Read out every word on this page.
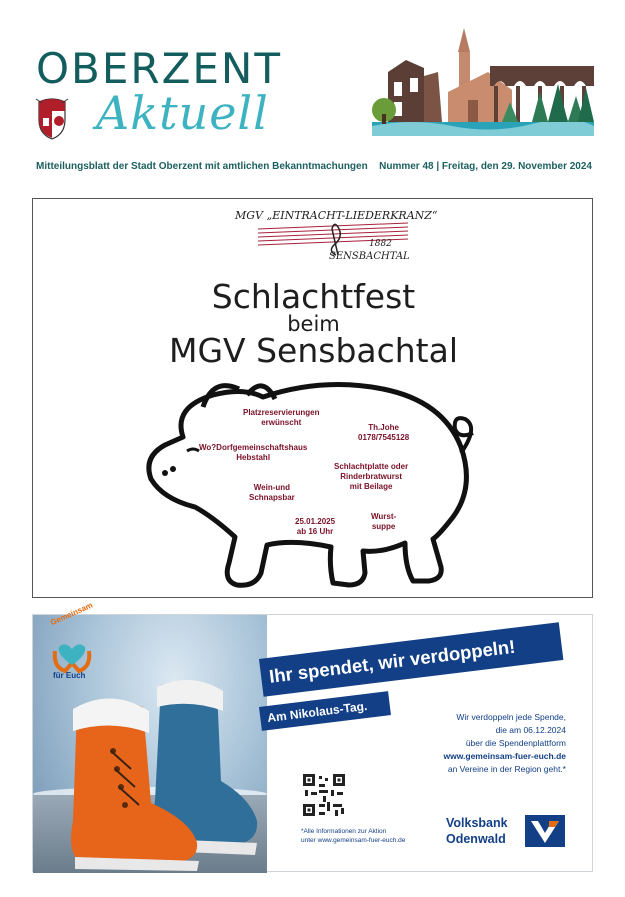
OBERZENT
Aktuell
Mitteilungsblatt der Stadt Oberzent mit amtlichen Bekanntmachungen Nummer 48 | Freitag, den 29. November 2024
MGV „EINTRACHT-LIEDERKRANZ“
1882
SENSBACHTAL
Schlachtfest
beim
MGV Sensbachtal
Platzreservierungen
erwünscht
Th.Johe
0178/7545128
Wo?Dorfgemeinschaftshaus
Hebstahl
Schlachtplatte oder
Rinderbratwurst
mit Beilage
Wein-und
Schnapsbar
25.01.2025
ab 16 Uhr
Wurst-
suppe
Gemeinsam
für Euch	Ihr spendet, wir verdoppeln!
Am Nikolaus-Tag.	Wir verdoppeln jede Spende,
die am 06.12.2024
über die Spendenplattform
www.gemeinsam-fuer-euch.de
an Vereine in der Region geht.*
*Alle Informationen zur Aktion
unter www.gemeinsam-fuer-euch.de
Volksbank
Odenwald
